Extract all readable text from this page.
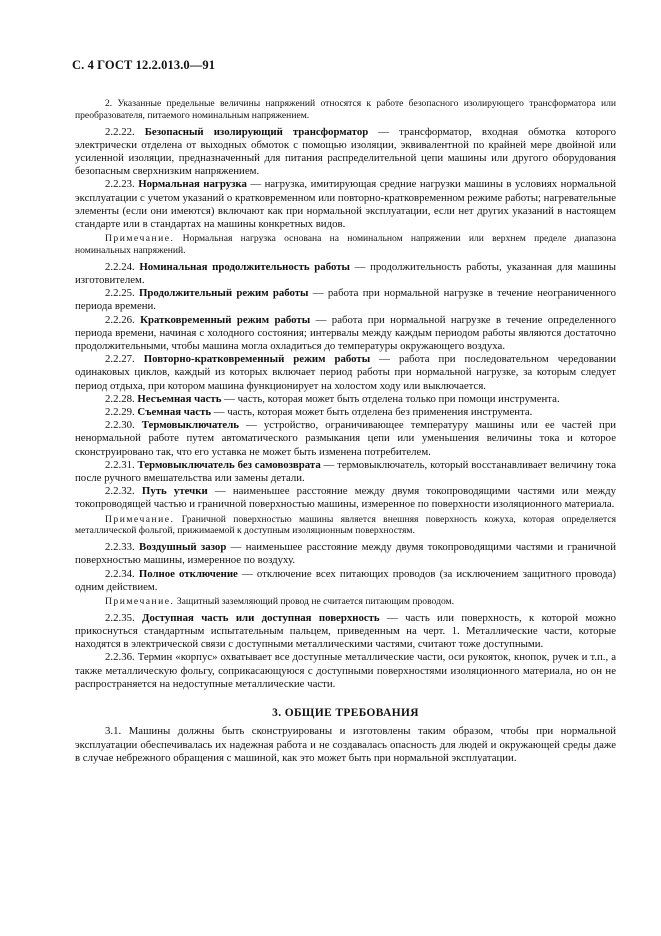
С. 4 ГОСТ 12.2.013.0—91

2. Указанные предельные величины напряжений относятся к работе безопасного изолирующего трансформатора или преобразователя, питаемого номинальным напряжением.

2.2.22. Безопасный изолирующий трансформатор — трансформатор, входная обмотка которого электрически отделена от выходных обмоток с помощью изоляции, эквивалентной по крайней мере двойной или усиленной изоляции, предназначенный для питания распределительной цепи машины или другого оборудования безопасным сверхнизким напряжением.

2.2.23. Нормальная нагрузка — нагрузка, имитирующая средние нагрузки машины в условиях нормальной эксплуатации с учетом указаний о кратковременном или повторно-кратковременном режиме работы; нагревательные элементы (если они имеются) включают как при нормальной эксплуатации, если нет других указаний в настоящем стандарте или в стандартах на машины конкретных видов.

Примечание. Нормальная нагрузка основана на номинальном напряжении или верхнем пределе диапазона номинальных напряжений.

2.2.24. Номинальная продолжительность работы — продолжительность работы, указанная для машины изготовителем.

2.2.25. Продолжительный режим работы — работа при нормальной нагрузке в течение неограниченного периода времени.

2.2.26. Кратковременный режим работы — работа при нормальной нагрузке в течение определенного периода времени, начиная с холодного состояния; интервалы между каждым периодом работы являются достаточно продолжительными, чтобы машина могла охладиться до температуры окружающего воздуха.

2.2.27. Повторно-кратковременный режим работы — работа при последовательном чередовании одинаковых циклов, каждый из которых включает период работы при нормальной нагрузке, за которым следует период отдыха, при котором машина функционирует на холостом ходу или выключается.

2.2.28. Несъемная часть — часть, которая может быть отделена только при помощи инструмента.

2.2.29. Съемная часть — часть, которая может быть отделена без применения инструмента.

2.2.30. Термовыключатель — устройство, ограничивающее температуру машины или ее частей при ненормальной работе путем автоматического размыкания цепи или уменьшения величины тока и которое сконструировано так, что его уставка не может быть изменена потребителем.

2.2.31. Термовыключатель без самовозврата — термовыключатель, который восстанавливает величину тока после ручного вмешательства или замены детали.

2.2.32. Путь утечки — наименьшее расстояние между двумя токопроводящими частями или между токопроводящей частью и граничной поверхностью машины, измеренное по поверхности изоляционного материала.

Примечание. Граничной поверхностью машины является внешняя поверхность кожуха, которая определяется металлической фольгой, прижимаемой к доступным изоляционным поверхностям.

2.2.33. Воздушный зазор — наименьшее расстояние между двумя токопроводящими частями и граничной поверхностью машины, измеренное по воздуху.

2.2.34. Полное отключение — отключение всех питающих проводов (за исключением защитного провода) одним действием.

Примечание. Защитный заземляющий провод не считается питающим проводом.

2.2.35. Доступная часть или доступная поверхность — часть или поверхность, к которой можно прикоснуться стандартным испытательным пальцем, приведенным на черт. 1. Металлические части, которые находятся в электрической связи с доступными металлическими частями, считают тоже доступными.

2.2.36. Термин «корпус» охватывает все доступные металлические части, оси рукояток, кнопок, ручек и т.п., а также металлическую фольгу, соприкасающуюся с доступными поверхностями изоляционного материала, но он не распространяется на недоступные металлические части.

3. ОБЩИЕ ТРЕБОВАНИЯ

3.1. Машины должны быть сконструированы и изготовлены таким образом, чтобы при нормальной эксплуатации обеспечивалась их надежная работа и не создавалась опасность для людей и окружающей среды даже в случае небрежного обращения с машиной, как это может быть при нормальной эксплуатации.
